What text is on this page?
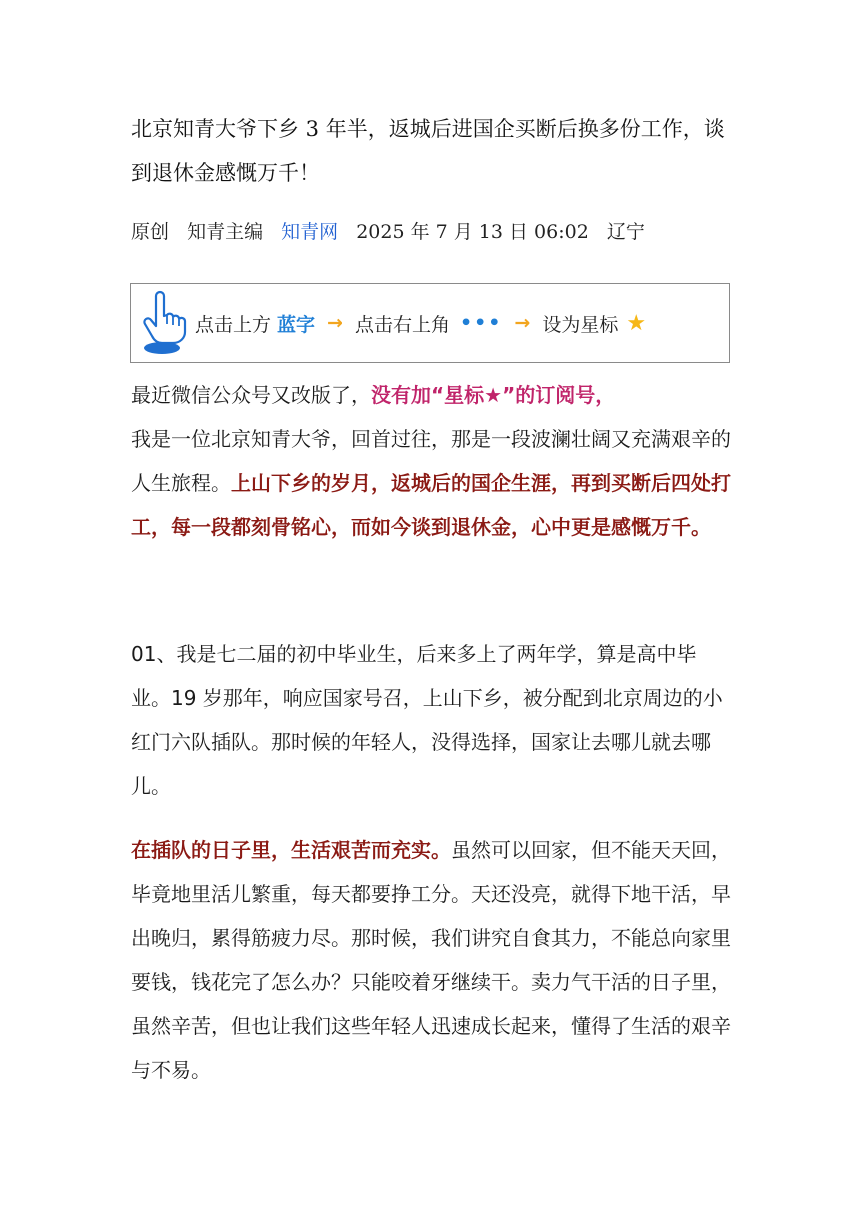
北京知青大爷下乡 3 年半，返城后进国企买断后换多份工作，谈到退休金感慨万千！
原创 知青主编 知青网 2025 年 7 月 13 日 06:02 辽宁
点击上方 蓝字 → 点击右上角 ••• → 设为星标 ★

最近微信公众号又改版了，没有加“星标★”的订阅号，
我是一位北京知青大爷，回首过往，那是一段波澜壮阔又充满艰辛的人生旅程。上山下乡的岁月，返城后的国企生涯，再到买断后四处打工，每一段都刻骨铭心，而如今谈到退休金，心中更是感慨万千。

01、我是七二届的初中毕业生，后来多上了两年学，算是高中毕业。19 岁那年，响应国家号召，上山下乡，被分配到北京周边的小红门六队插队。那时候的年轻人，没得选择，国家让去哪儿就去哪儿。

在插队的日子里，生活艰苦而充实。虽然可以回家，但不能天天回，毕竟地里活儿繁重，每天都要挣工分。天还没亮，就得下地干活，早出晚归，累得筋疲力尽。那时候，我们讲究自食其力，不能总向家里要钱，钱花完了怎么办？只能咬着牙继续干。卖力气干活的日子里，虽然辛苦，但也让我们这些年轻人迅速成长起来，懂得了生活的艰辛与不易。
